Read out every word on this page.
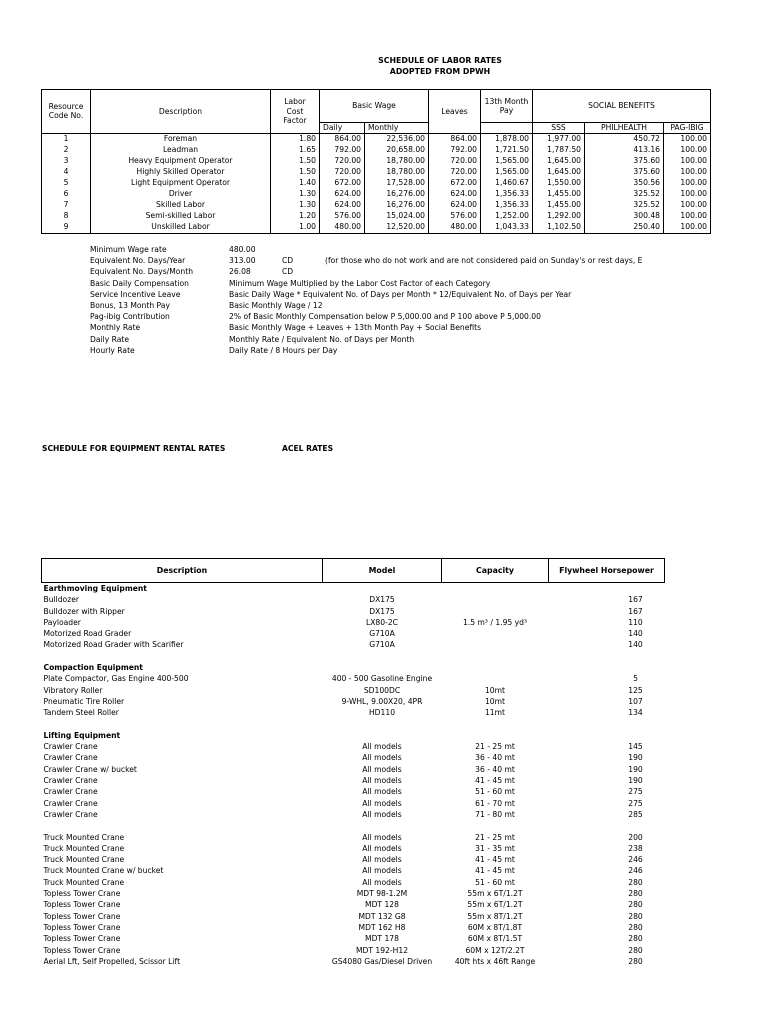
SCHEDULE OF LABOR RATES
ADOPTED FROM DPWH
Resource Code No.	Description	Labor Cost Factor	Basic Wage		Leaves	13th Month Pay	SOCIAL BENEFITS		
			Daily	Monthly			SSS	PHILHEALTH	PAG-IBIG
1	Foreman	1.80	864.00	22,536.00	864.00	1,878.00	1,977.00	450.72	100.00
2	Leadman	1.65	792.00	20,658.00	792.00	1,721.50	1,787.50	413.16	100.00
3	Heavy Equipment Operator	1.50	720.00	18,780.00	720.00	1,565.00	1,645.00	375.60	100.00
4	Highly Skilled Operator	1.50	720.00	18,780.00	720.00	1,565.00	1,645.00	375.60	100.00
5	Light Equipment Operator	1.40	672.00	17,528.00	672.00	1,460.67	1,550.00	350.56	100.00
6	Driver	1.30	624.00	16,276.00	624.00	1,356.33	1,455.00	325.52	100.00
7	Skilled Labor	1.30	624.00	16,276.00	624.00	1,356.33	1,455.00	325.52	100.00
8	Semi-skilled Labor	1.20	576.00	15,024.00	576.00	1,252.00	1,292.00	300.48	100.00
9	Unskilled Labor	1.00	480.00	12,520.00	480.00	1,043.33	1,102.50	250.40	100.00
Minimum Wage rate	480.00		
Equivalent No. Days/Year	313.00	CD	(for those who do not work and are not considered paid on Sunday's or rest days, E
Equivalent No. Days/Month	26.08	CD	
Basic Daily Compensation	Minimum Wage Multiplied by the Labor Cost Factor of each Category		
Service Incentive Leave	Basic Daily Wage * Equivalent No. of Days per Month * 12/Equivalent No. of Days per Year		
Bonus, 13 Month Pay	Basic Monthly Wage / 12		
Pag-ibig Contribution	2% of Basic Monthly Compensation below P 5,000.00 and P 100 above P 5,000.00		
Monthly Rate	Basic Monthly Wage + Leaves + 13th Month Pay + Social Benefits		
Daily Rate	Monthly Rate / Equivalent No. of Days per Month		
Hourly Rate	Daily Rate / 8 Hours per Day		
SCHEDULE FOR EQUIPMENT RENTAL RATES	ACEL RATES
Description	Model	Capacity	Flywheel Horsepower
Earthmoving Equipment			
Bulldozer	DX175		167
Bulldozer with Ripper	DX175		167
Payloader	LX80-2C	1.5 m³ / 1.95 yd³	110
Motorized Road Grader	G710A		140
Motorized Road Grader with Scarifier	G710A		140

Compaction Equipment			
Plate Compactor, Gas Engine 400-500	400 - 500 Gasoline Engine		5
Vibratory Roller	SD100DC	10mt	125
Pneumatic Tire Roller	9-WHL, 9.00X20, 4PR	10mt	107
Tandem Steel Roller	HD110	11mt	134

Lifting Equipment			
Crawler Crane	All models	21 - 25 mt	145
Crawler Crane	All models	36 - 40 mt	190
Crawler Crane w/ bucket	All models	36 - 40 mt	190
Crawler Crane	All models	41 - 45 mt	190
Crawler Crane	All models	51 - 60 mt	275
Crawler Crane	All models	61 - 70 mt	275
Crawler Crane	All models	71 - 80 mt	285

Truck Mounted Crane	All models	21 - 25 mt	200
Truck Mounted Crane	All models	31 - 35 mt	238
Truck Mounted Crane	All models	41 - 45 mt	246
Truck Mounted Crane w/ bucket	All models	41 - 45 mt	246
Truck Mounted Crane	All models	51 - 60 mt	280
Topless Tower Crane	MDT 98-1.2M	55m x 6T/1.2T	280
Topless Tower Crane	MDT 128	55m x 6T/1.2T	280
Topless Tower Crane	MDT 132 G8	55m x 8T/1.2T	280
Topless Tower Crane	MDT 162 H8	60M x 8T/1.8T	280
Topless Tower Crane	MDT 178	60M x 8T/1.5T	280
Topless Tower Crane	MDT 192-H12	60M x 12T/2.2T	280
Aerial Lft, Self Propelled, Scissor Lift	GS4080 Gas/Diesel Driven	40ft hts x 46ft Range	280
